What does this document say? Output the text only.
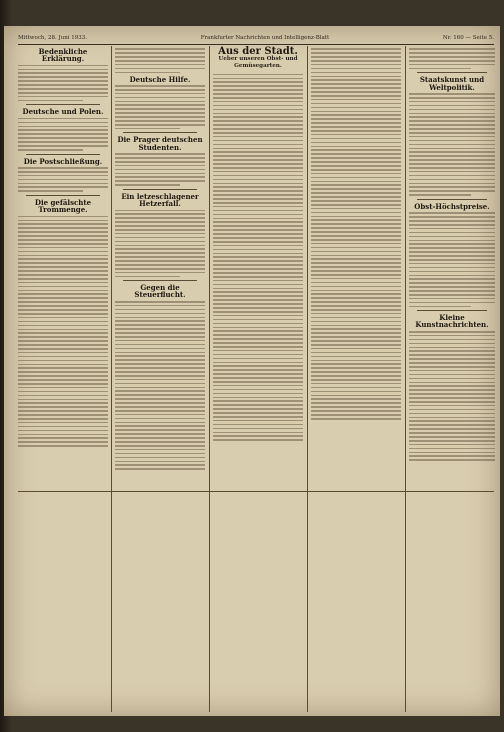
Mittwoch, 28. Juni 1933.	Frankfurter Nachrichten und Intelligenz-Blatt	Nr. 160 — Seite 5.
Bedenkliche Erklärung.
Deutsche und Polen.
Die Postschließung.
Die gefälschte Trommenge.
Deutsche Hilfe.
Die Prager deutschen Studenten.
Ein letzeschlagener Hetzerfall.
Gegen die Steuerflucht.
Aus der Stadt.
Ueber unseren Obst- und Gemüsegarten.
Staatskunst und Weltpolitik.
Obst-Höchstpreise.
Kleine Kunstnachrichten.
